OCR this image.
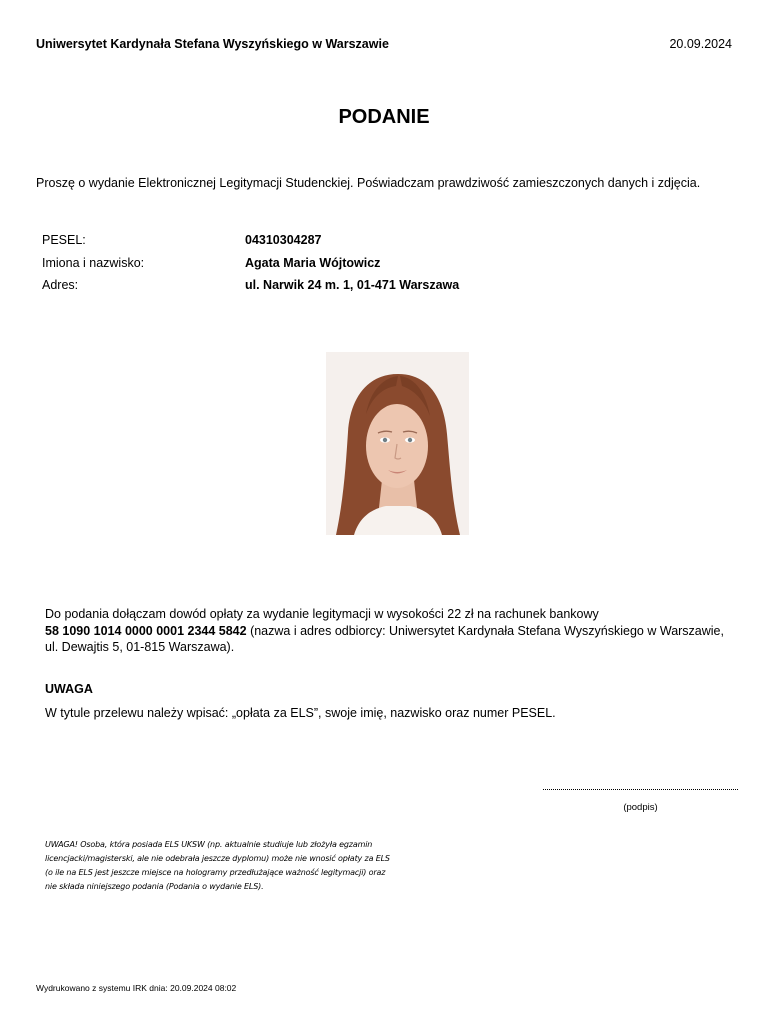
Uniwersytet Kardynała Stefana Wyszyńskiego w Warszawie	20.09.2024
PODANIE
Proszę o wydanie Elektronicznej Legitymacji Studenckiej. Poświadczam prawdziwość zamieszczonych danych i zdjęcia.
PESEL:	04310304287
Imiona i nazwisko:	Agata Maria Wójtowicz
Adres:	ul. Narwik 24 m. 1, 01-471 Warszawa
Do podania dołączam dowód opłaty za wydanie legitymacji w wysokości 22 zł na rachunek bankowy
58 1090 1014 0000 0001 2344 5842 (nazwa i adres odbiorcy: Uniwersytet Kardynała Stefana Wyszyńskiego w Warszawie, ul. Dewajtis 5, 01-815 Warszawa).
UWAGA
W tytule przelewu należy wpisać: „opłata za ELS”, swoje imię, nazwisko oraz numer PESEL.
(podpis)
UWAGA! Osoba, która posiada ELS UKSW (np. aktualnie studiuje lub złożyła egzamin licencjacki/magisterski, ale nie odebrała jeszcze dyplomu) może nie wnosić opłaty za ELS (o ile na ELS jest jeszcze miejsce na hologramy przedłużające ważność legitymacji) oraz nie składa niniejszego podania (Podania o wydanie ELS).
Wydrukowano z systemu IRK dnia: 20.09.2024 08:02
